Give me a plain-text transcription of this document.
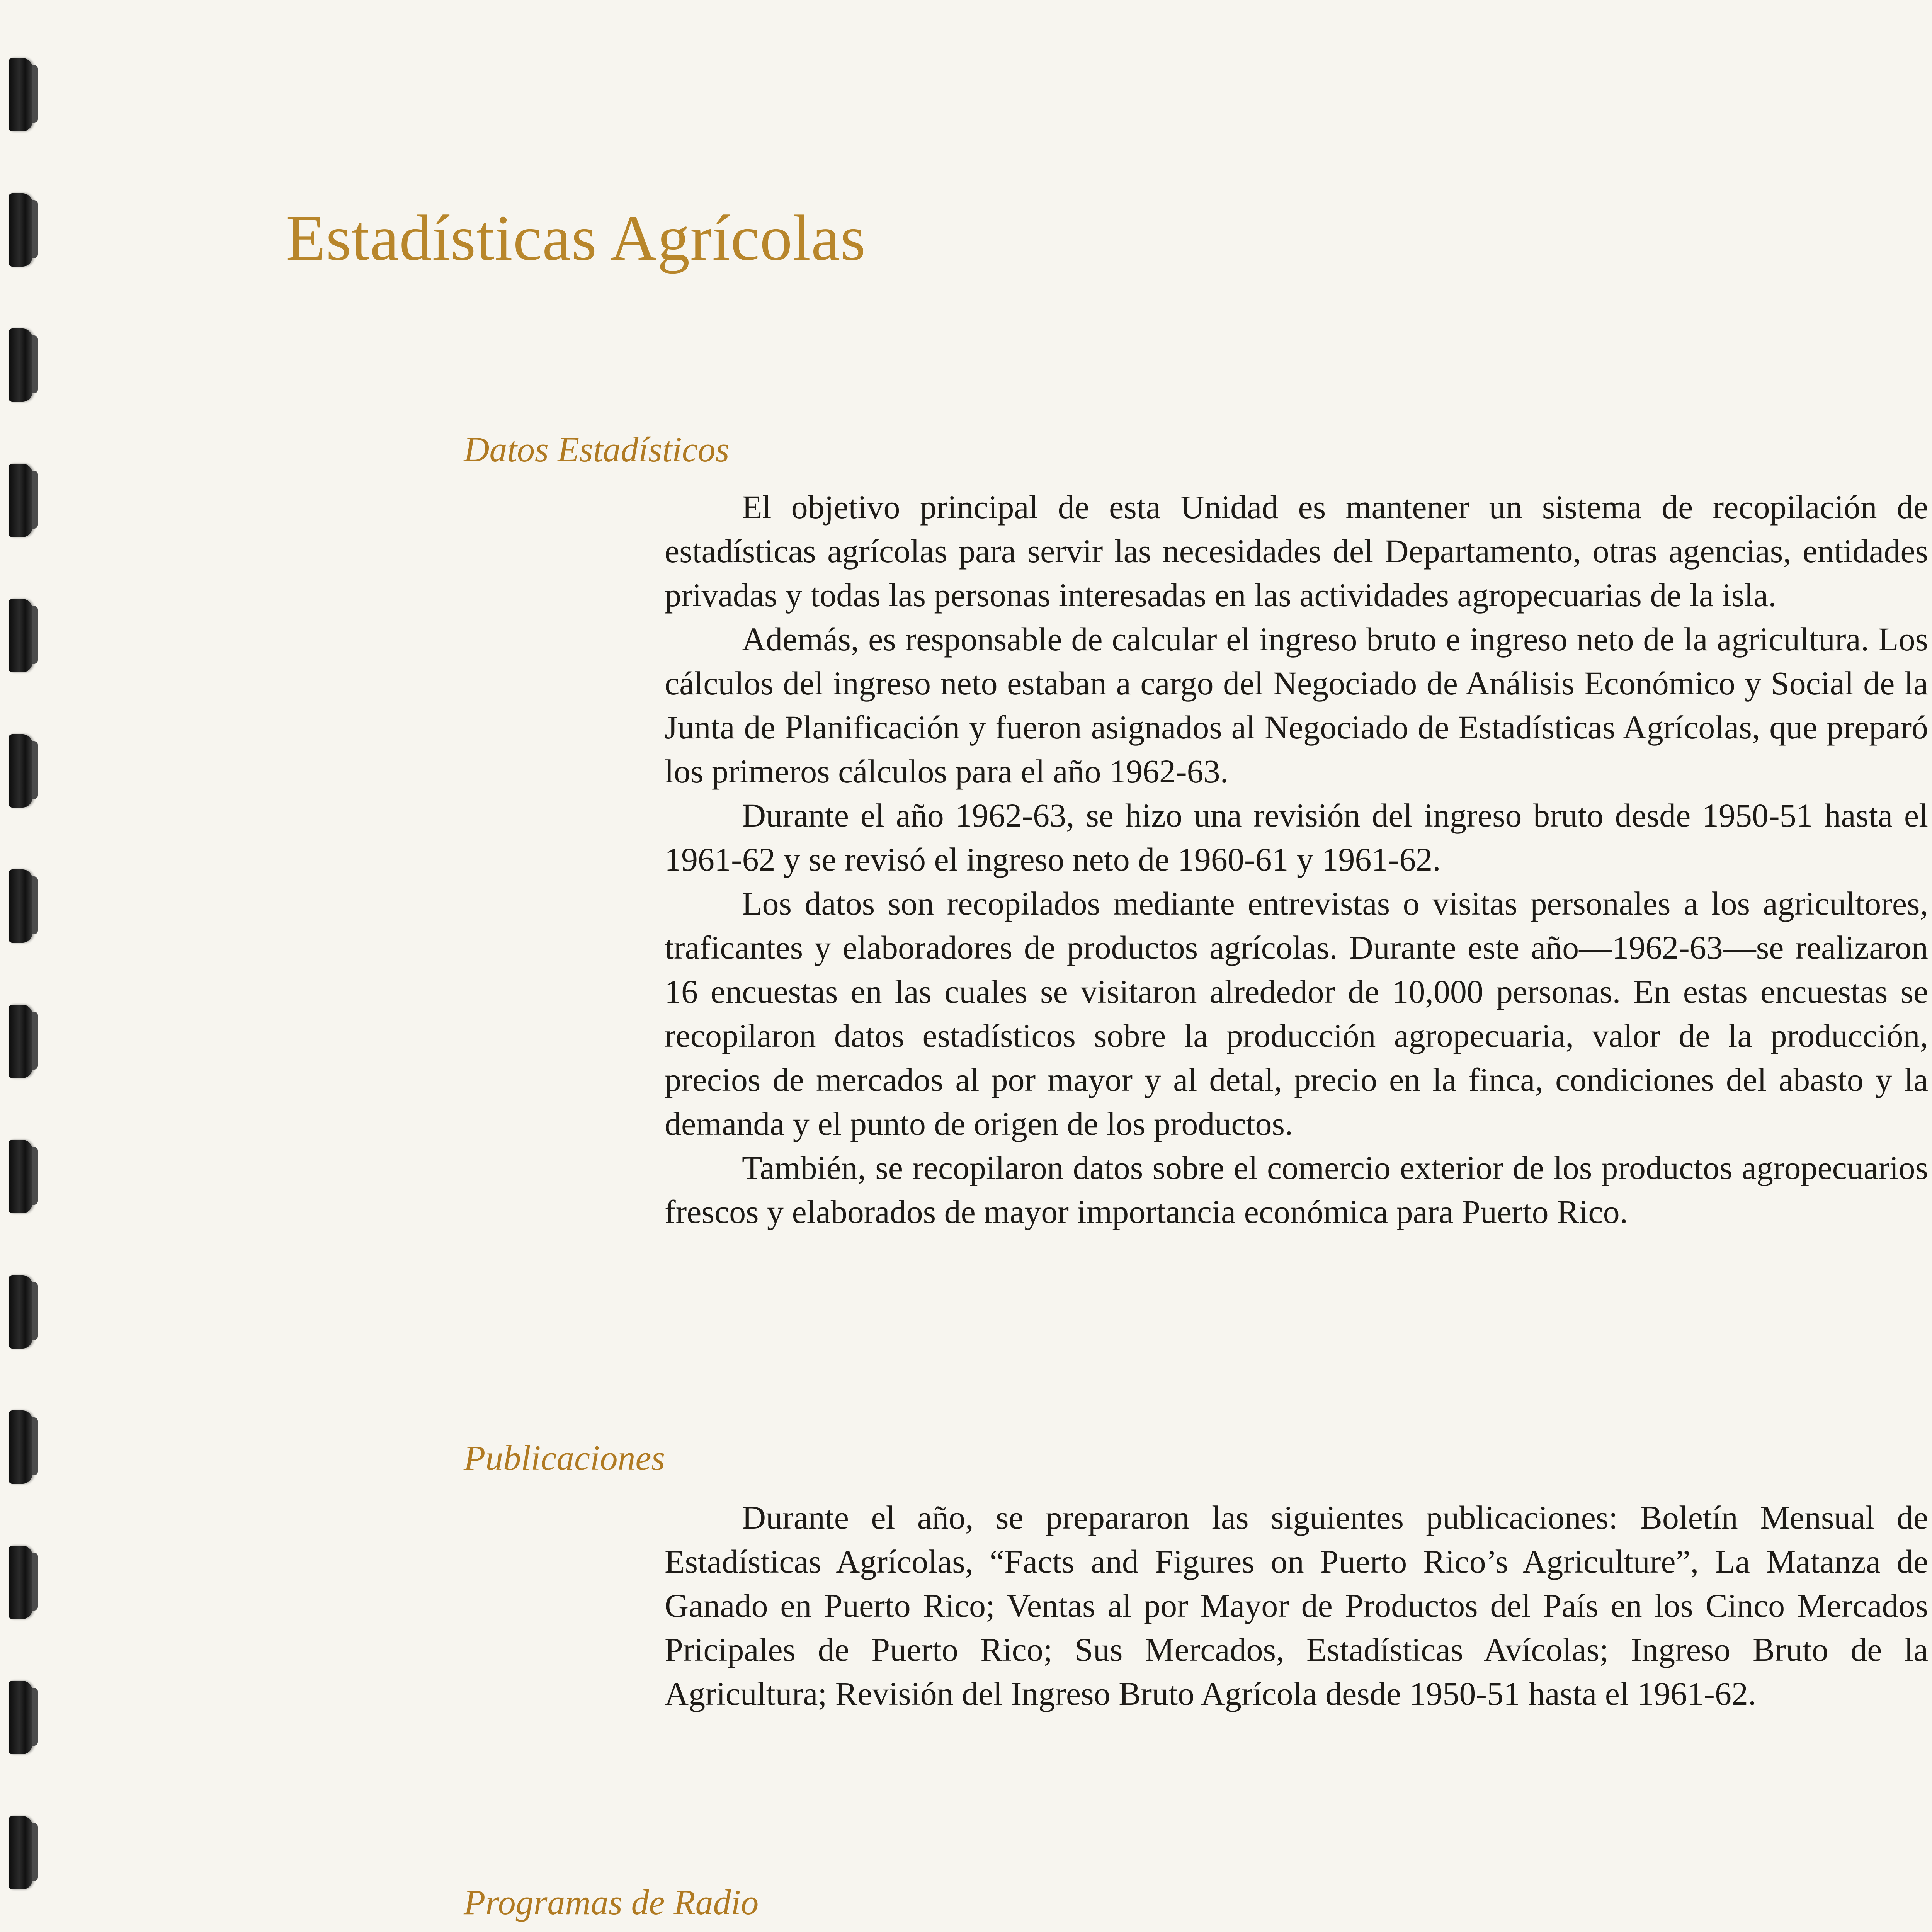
Estadísticas Agrícolas
Datos Estadísticos

El objetivo principal de esta Unidad es mantener un sistema de recopilación de estadísticas agrícolas para servir las necesidades del Departamento, otras agencias, entidades privadas y todas las personas interesadas en las actividades agropecuarias de la isla.

Además, es responsable de calcular el ingreso bruto e ingreso neto de la agricultura. Los cálculos del ingreso neto estaban a cargo del Negociado de Análisis Económico y Social de la Junta de Planificación y fueron asignados al Negociado de Estadísticas Agrícolas, que preparó los primeros cálculos para el año 1962-63.

Durante el año 1962-63, se hizo una revisión del ingreso bruto desde 1950-51 hasta el 1961-62 y se revisó el ingreso neto de 1960-61 y 1961-62.

Los datos son recopilados mediante entrevistas o visitas personales a los agricultores, traficantes y elaboradores de productos agrícolas. Durante este año—1962-63—se realizaron 16 encuestas en las cuales se visitaron alrededor de 10,000 personas. En estas encuestas se recopilaron datos estadísticos sobre la producción agropecuaria, valor de la producción, precios de mercados al por mayor y al detal, precio en la finca, condiciones del abasto y la demanda y el punto de origen de los productos.

También, se recopilaron datos sobre el comercio exterior de los productos agropecuarios frescos y elaborados de mayor importancia económica para Puerto Rico.

Publicaciones

Durante el año, se prepararon las siguientes publicaciones: Boletín Mensual de Estadísticas Agrícolas, “Facts and Figures on Puerto Rico’s Agriculture”, La Matanza de Ganado en Puerto Rico; Ventas al por Mayor de Productos del País en los Cinco Mercados Pricipales de Puerto Rico; Sus Mercados, Estadísticas Avícolas; Ingreso Bruto de la Agricultura; Revisión del Ingreso Bruto Agrícola desde 1950-51 hasta el 1961-62.

Programas de Radio
